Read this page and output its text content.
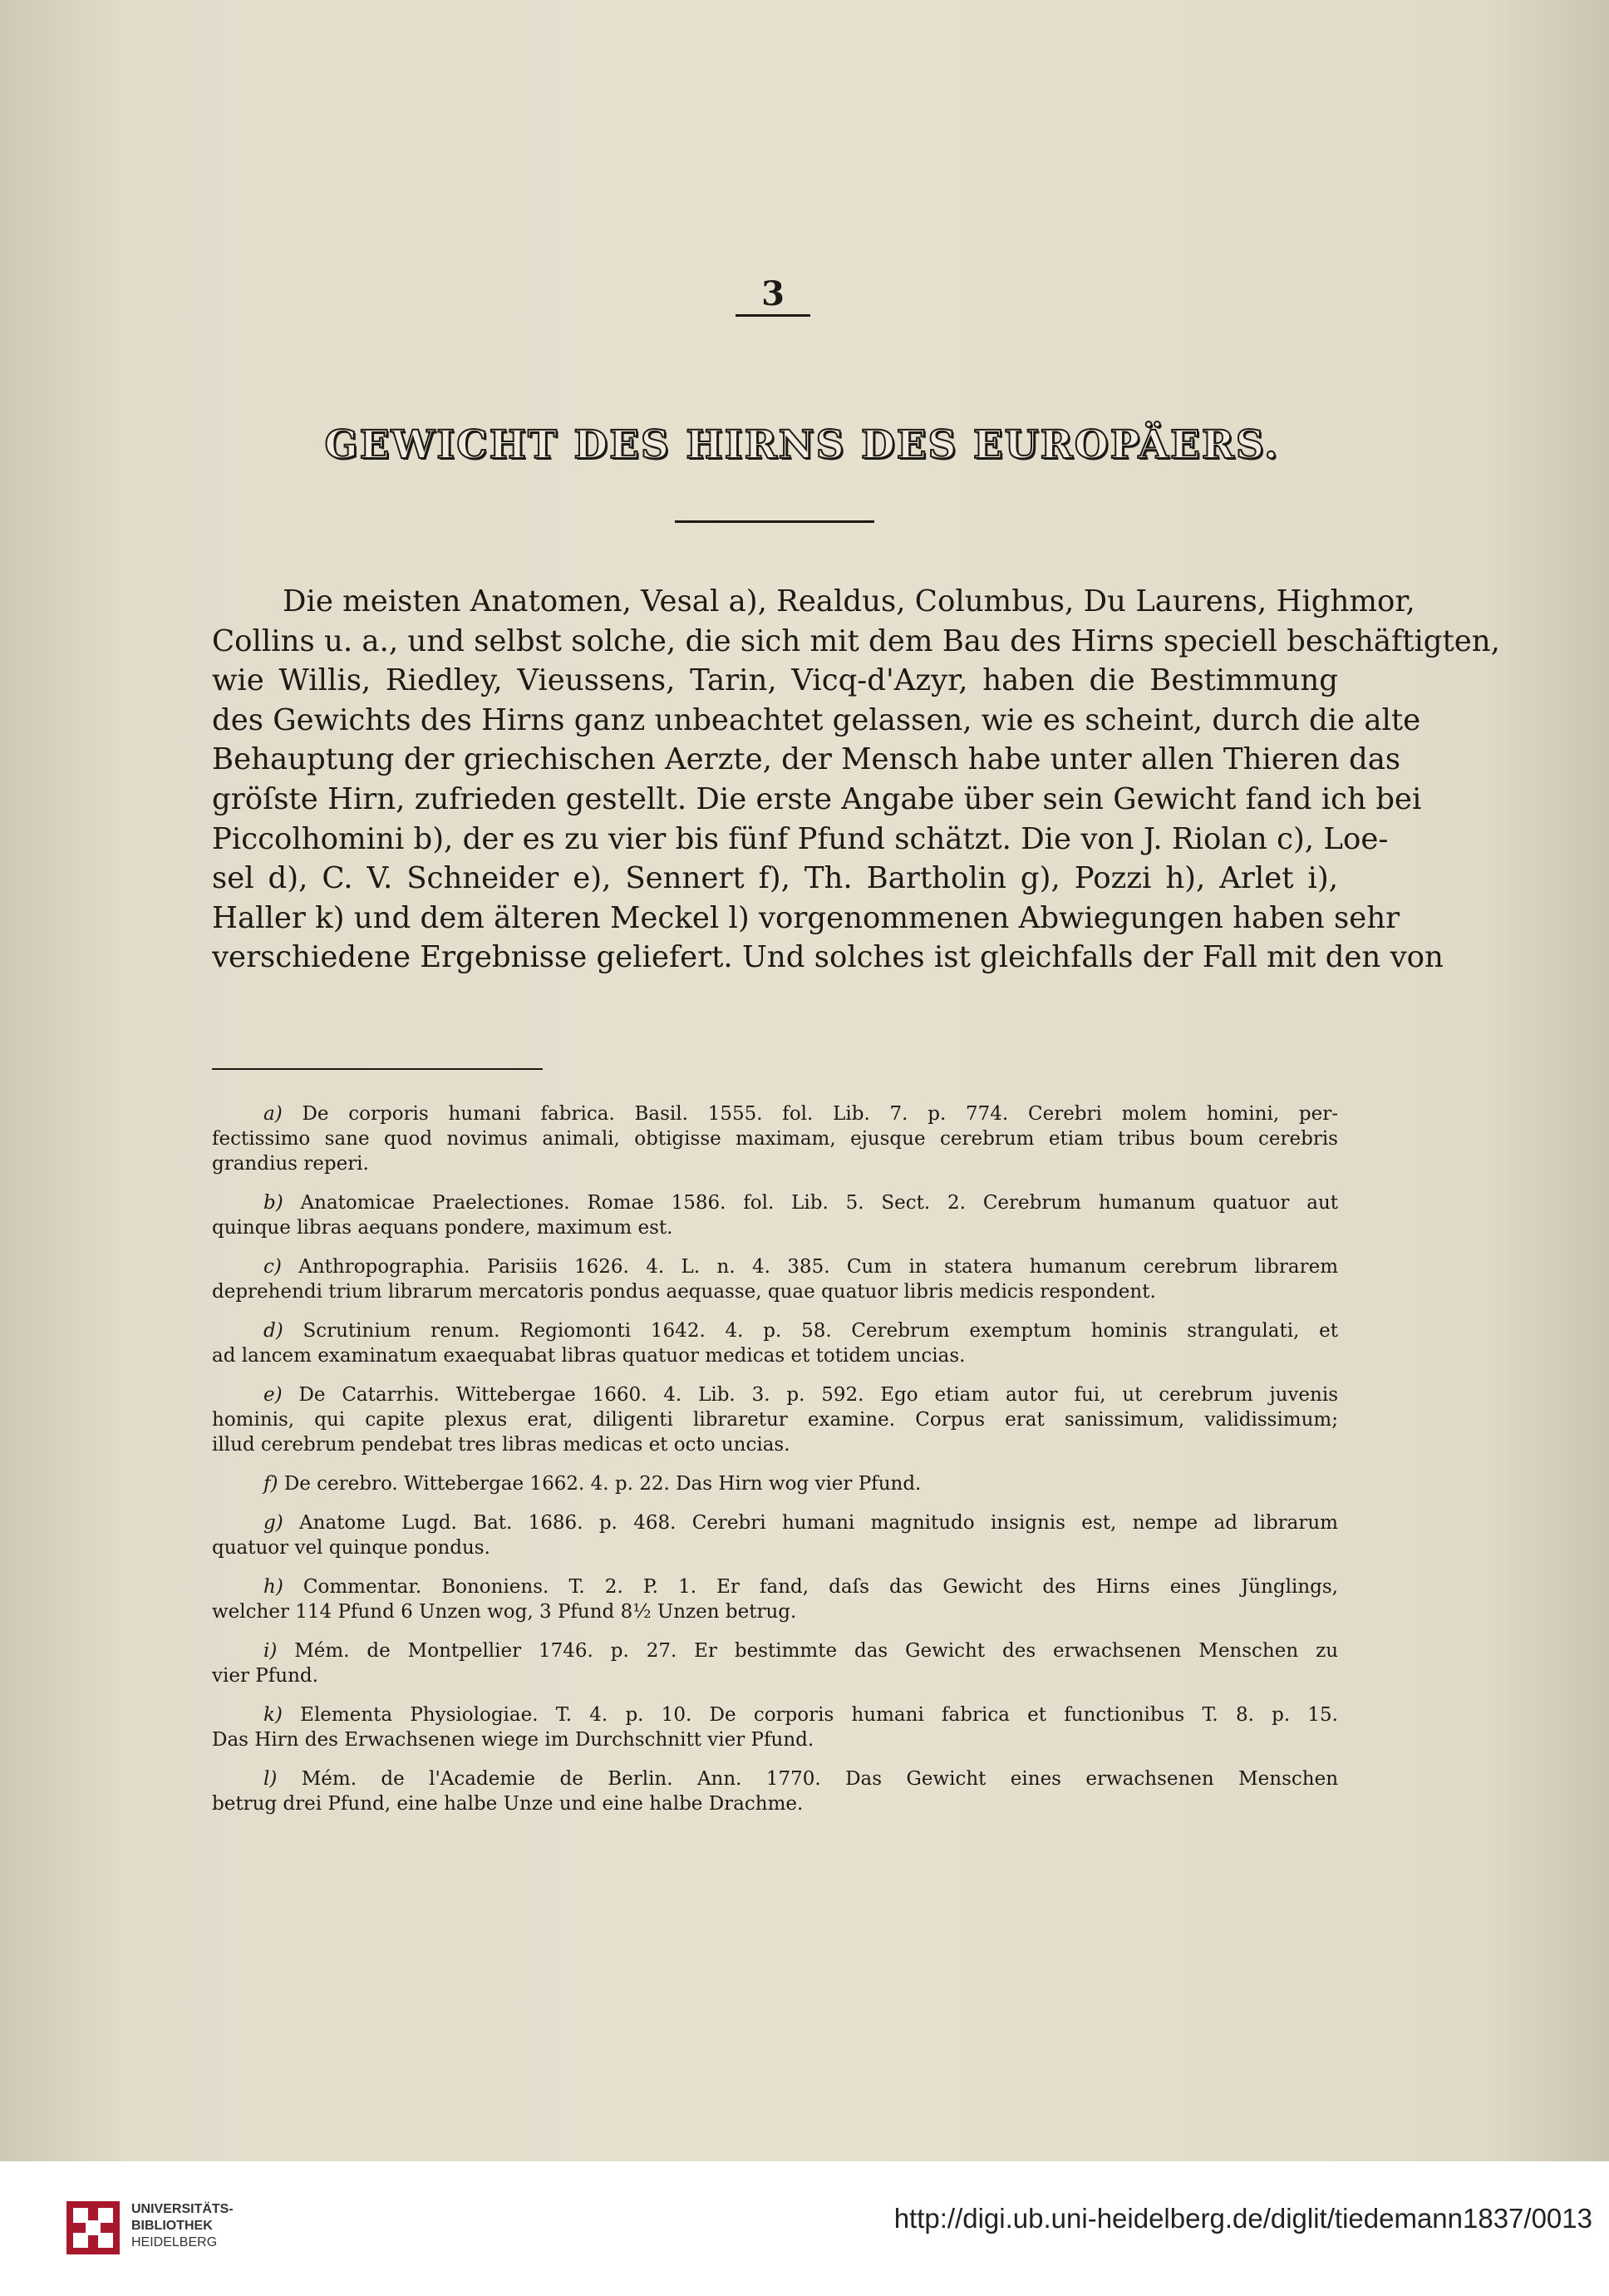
3
GEWICHT DES HIRNS DES EUROPÄERS.
Die meisten Anatomen, Vesal a), Realdus, Columbus, Du Laurens, Highmor,
Collins u. a., und selbst solche, die sich mit dem Bau des Hirns speciell beschäftigten,
wie Willis, Riedley, Vieussens, Tarin, Vicq-d'Azyr, haben die Bestimmung
des Gewichts des Hirns ganz unbeachtet gelassen, wie es scheint, durch die alte
Behauptung der griechischen Aerzte, der Mensch habe unter allen Thieren das
gröſste Hirn, zufrieden gestellt. Die erste Angabe über sein Gewicht fand ich bei
Piccolhomini b), der es zu vier bis fünf Pfund schätzt. Die von J. Riolan c), Loe-
sel d), C. V. Schneider e), Sennert f), Th. Bartholin g), Pozzi h), Arlet i),
Haller k) und dem älteren Meckel l) vorgenommenen Abwiegungen haben sehr
verschiedene Ergebnisse geliefert. Und solches ist gleichfalls der Fall mit den von
a) De corporis humani fabrica. Basil. 1555. fol. Lib. 7. p. 774. Cerebri molem homini, per-
fectissimo sane quod novimus animali, obtigisse maximam, ejusque cerebrum etiam tribus boum cerebris
grandius reperi.
b) Anatomicae Praelectiones. Romae 1586. fol. Lib. 5. Sect. 2. Cerebrum humanum quatuor aut
quinque libras aequans pondere, maximum est.
c) Anthropographia. Parisiis 1626. 4. L. n. 4. 385. Cum in statera humanum cerebrum librarem
deprehendi trium librarum mercatoris pondus aequasse, quae quatuor libris medicis respondent.
d) Scrutinium renum. Regiomonti 1642. 4. p. 58. Cerebrum exemptum hominis strangulati, et
ad lancem examinatum exaequabat libras quatuor medicas et totidem uncias.
e) De Catarrhis. Wittebergae 1660. 4. Lib. 3. p. 592. Ego etiam autor fui, ut cerebrum juvenis
hominis, qui capite plexus erat, diligenti libraretur examine. Corpus erat sanissimum, validissimum;
illud cerebrum pendebat tres libras medicas et octo uncias.
f) De cerebro. Wittebergae 1662. 4. p. 22. Das Hirn wog vier Pfund.
g) Anatome Lugd. Bat. 1686. p. 468. Cerebri humani magnitudo insignis est, nempe ad librarum
quatuor vel quinque pondus.
h) Commentar. Bononiens. T. 2. P. 1. Er fand, daſs das Gewicht des Hirns eines Jünglings,
welcher 114 Pfund 6 Unzen wog, 3 Pfund 8½ Unzen betrug.
i) Mém. de Montpellier 1746. p. 27. Er bestimmte das Gewicht des erwachsenen Menschen zu
vier Pfund.
k) Elementa Physiologiae. T. 4. p. 10. De corporis humani fabrica et functionibus T. 8. p. 15.
Das Hirn des Erwachsenen wiege im Durchschnitt vier Pfund.
l) Mém. de l'Academie de Berlin. Ann. 1770. Das Gewicht eines erwachsenen Menschen
betrug drei Pfund, eine halbe Unze und eine halbe Drachme.
UNIVERSITÄTS-
BIBLIOTHEK
HEIDELBERG
http://digi.ub.uni-heidelberg.de/diglit/tiedemann1837/0013
